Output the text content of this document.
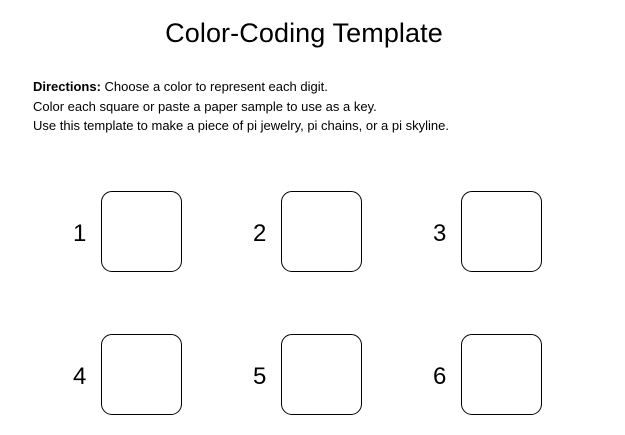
Color-Coding Template
Directions: Choose a color to represent each digit.
Color each square or paste a paper sample to use as a key.
Use this template to make a piece of pi jewelry, pi chains, or a pi skyline.
1	2	3
4	5	6
